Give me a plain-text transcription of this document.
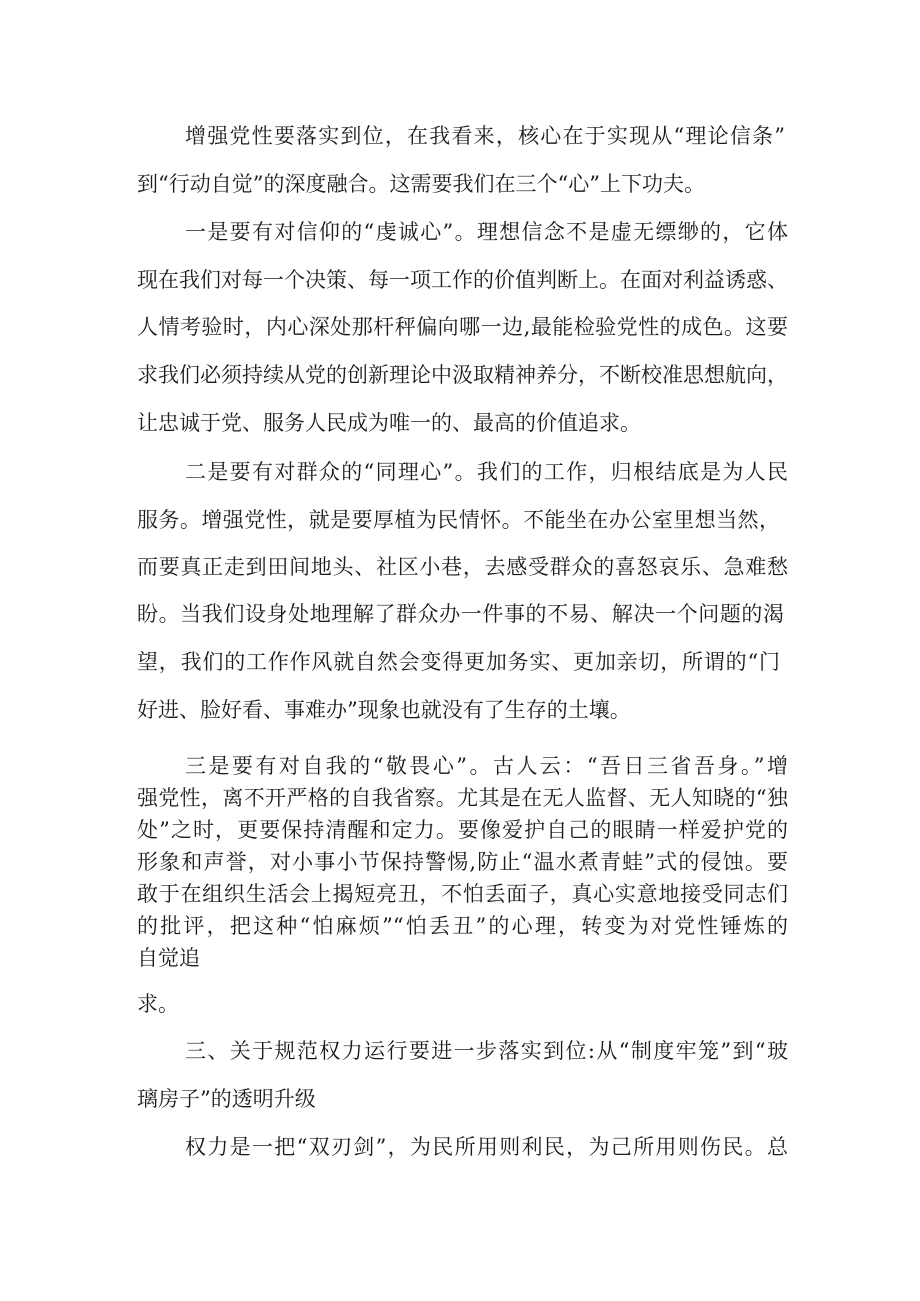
增强党性要落实到位，在我看来，核心在于实现从“理论信条”

到“行动自觉”的深度融合。这需要我们在三个“心”上下功夫。

一是要有对信仰的“虔诚心”。理想信念不是虚无缥缈的，它体

现在我们对每一个决策、每一项工作的价值判断上。在面对利益诱惑、

人情考验时，内心深处那杆秤偏向哪一边,最能检验党性的成色。这要

求我们必须持续从党的创新理论中汲取精神养分，不断校准思想航向，

让忠诚于党、服务人民成为唯一的、最高的价值追求。

二是要有对群众的“同理心”。我们的工作，归根结底是为人民

服务。增强党性，就是要厚植为民情怀。不能坐在办公室里想当然，

而要真正走到田间地头、社区小巷，去感受群众的喜怒哀乐、急难愁

盼。当我们设身处地理解了群众办一件事的不易、解决一个问题的渴

望，我们的工作作风就自然会变得更加务实、更加亲切，所谓的“门

好进、脸好看、事难办”现象也就没有了生存的土壤。

三是要有对自我的“敬畏心”。古人云：“吾日三省吾身。”增

强党性，离不开严格的自我省察。尤其是在无人监督、无人知晓的“独

处”之时，更要保持清醒和定力。要像爱护自己的眼睛一样爱护党的

形象和声誉，对小事小节保持警惕,防止“温水煮青蛙”式的侵蚀。要

敢于在组织生活会上揭短亮丑，不怕丢面子，真心实意地接受同志们

的批评，把这种“怕麻烦”“怕丢丑”的心理，转变为对党性锤炼的

自觉追

求。

三、关于规范权力运行要进一步落实到位:从“制度牢笼”到“玻

璃房子”的透明升级

权力是一把“双刃剑”，为民所用则利民，为己所用则伤民。总
